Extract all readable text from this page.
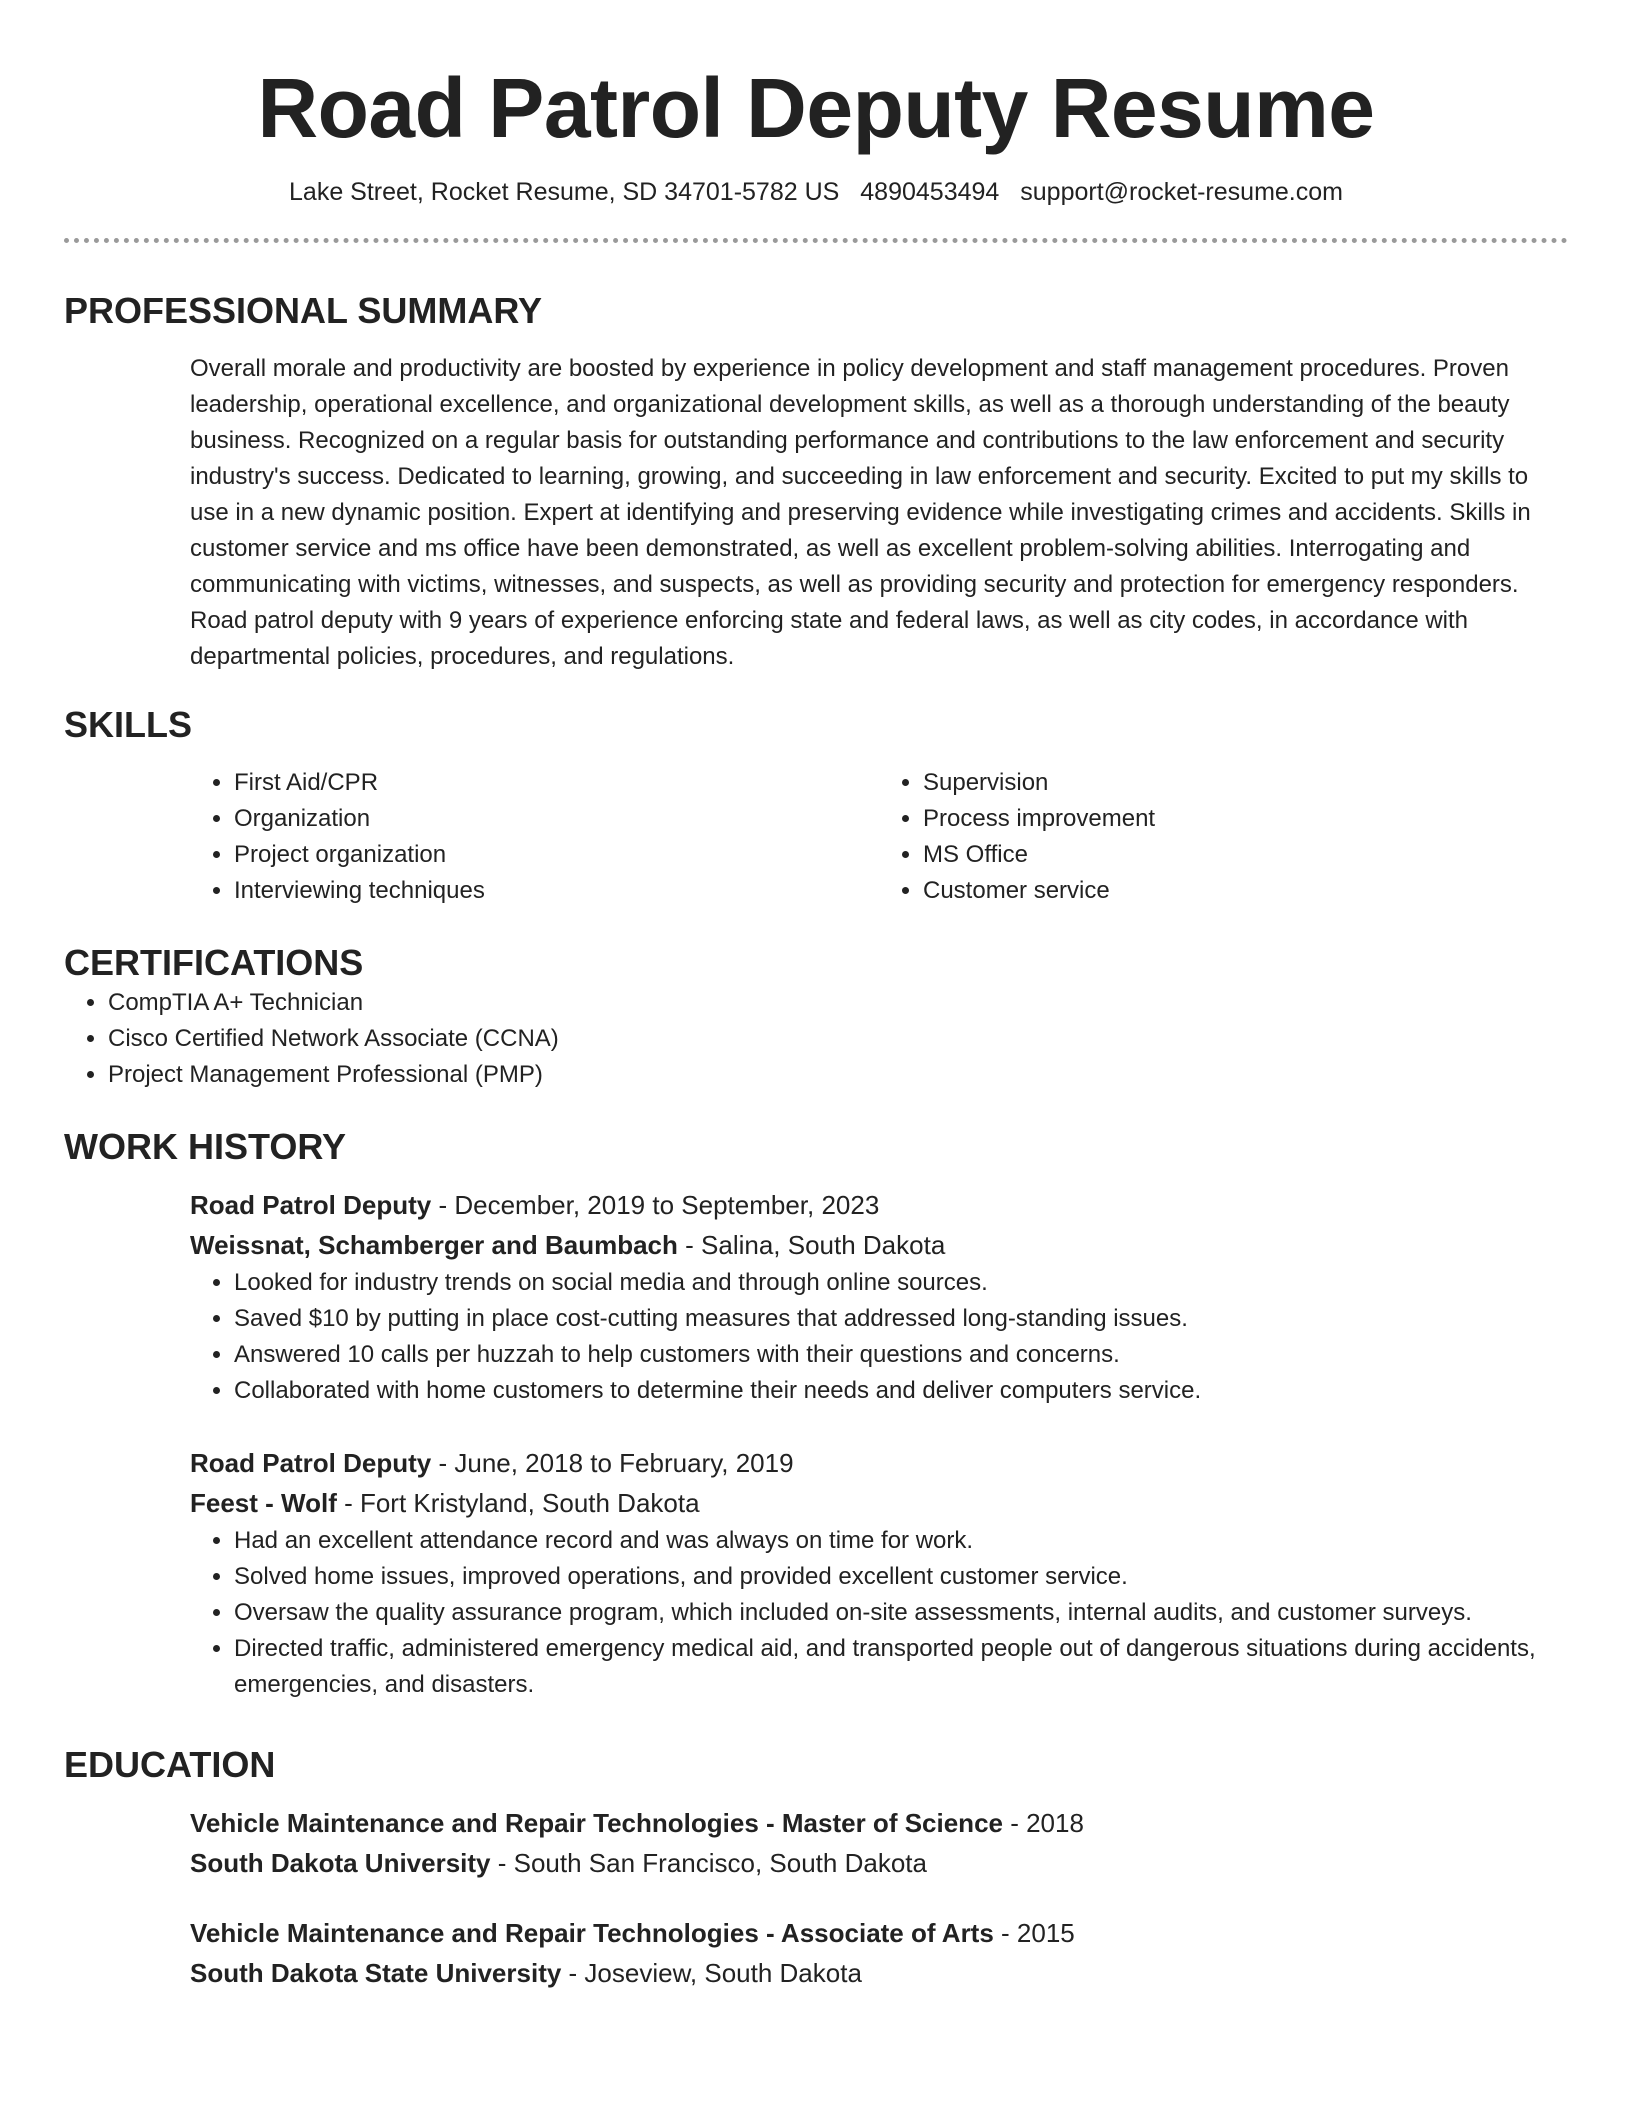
Road Patrol Deputy Resume
Lake Street, Rocket Resume, SD 34701-5782 US 4890453494 support@rocket-resume.com
PROFESSIONAL SUMMARY
Overall morale and productivity are boosted by experience in policy development and staff management procedures. Proven leadership, operational excellence, and organizational development skills, as well as a thorough understanding of the beauty business. Recognized on a regular basis for outstanding performance and contributions to the law enforcement and security industry's success. Dedicated to learning, growing, and succeeding in law enforcement and security. Excited to put my skills to use in a new dynamic position. Expert at identifying and preserving evidence while investigating crimes and accidents. Skills in customer service and ms office have been demonstrated, as well as excellent problem-solving abilities. Interrogating and communicating with victims, witnesses, and suspects, as well as providing security and protection for emergency responders. Road patrol deputy with 9 years of experience enforcing state and federal laws, as well as city codes, in accordance with departmental policies, procedures, and regulations.
SKILLS
• First Aid/CPR
• Organization
• Project organization
• Interviewing techniques
• Supervision
• Process improvement
• MS Office
• Customer service
CERTIFICATIONS
• CompTIA A+ Technician
• Cisco Certified Network Associate (CCNA)
• Project Management Professional (PMP)
WORK HISTORY
Road Patrol Deputy - December, 2019 to September, 2023
Weissnat, Schamberger and Baumbach - Salina, South Dakota
• Looked for industry trends on social media and through online sources.
• Saved $10 by putting in place cost-cutting measures that addressed long-standing issues.
• Answered 10 calls per huzzah to help customers with their questions and concerns.
• Collaborated with home customers to determine their needs and deliver computers service.
Road Patrol Deputy - June, 2018 to February, 2019
Feest - Wolf - Fort Kristyland, South Dakota
• Had an excellent attendance record and was always on time for work.
• Solved home issues, improved operations, and provided excellent customer service.
• Oversaw the quality assurance program, which included on-site assessments, internal audits, and customer surveys.
• Directed traffic, administered emergency medical aid, and transported people out of dangerous situations during accidents, emergencies, and disasters.
EDUCATION
Vehicle Maintenance and Repair Technologies - Master of Science - 2018
South Dakota University - South San Francisco, South Dakota
Vehicle Maintenance and Repair Technologies - Associate of Arts - 2015
South Dakota State University - Joseview, South Dakota
